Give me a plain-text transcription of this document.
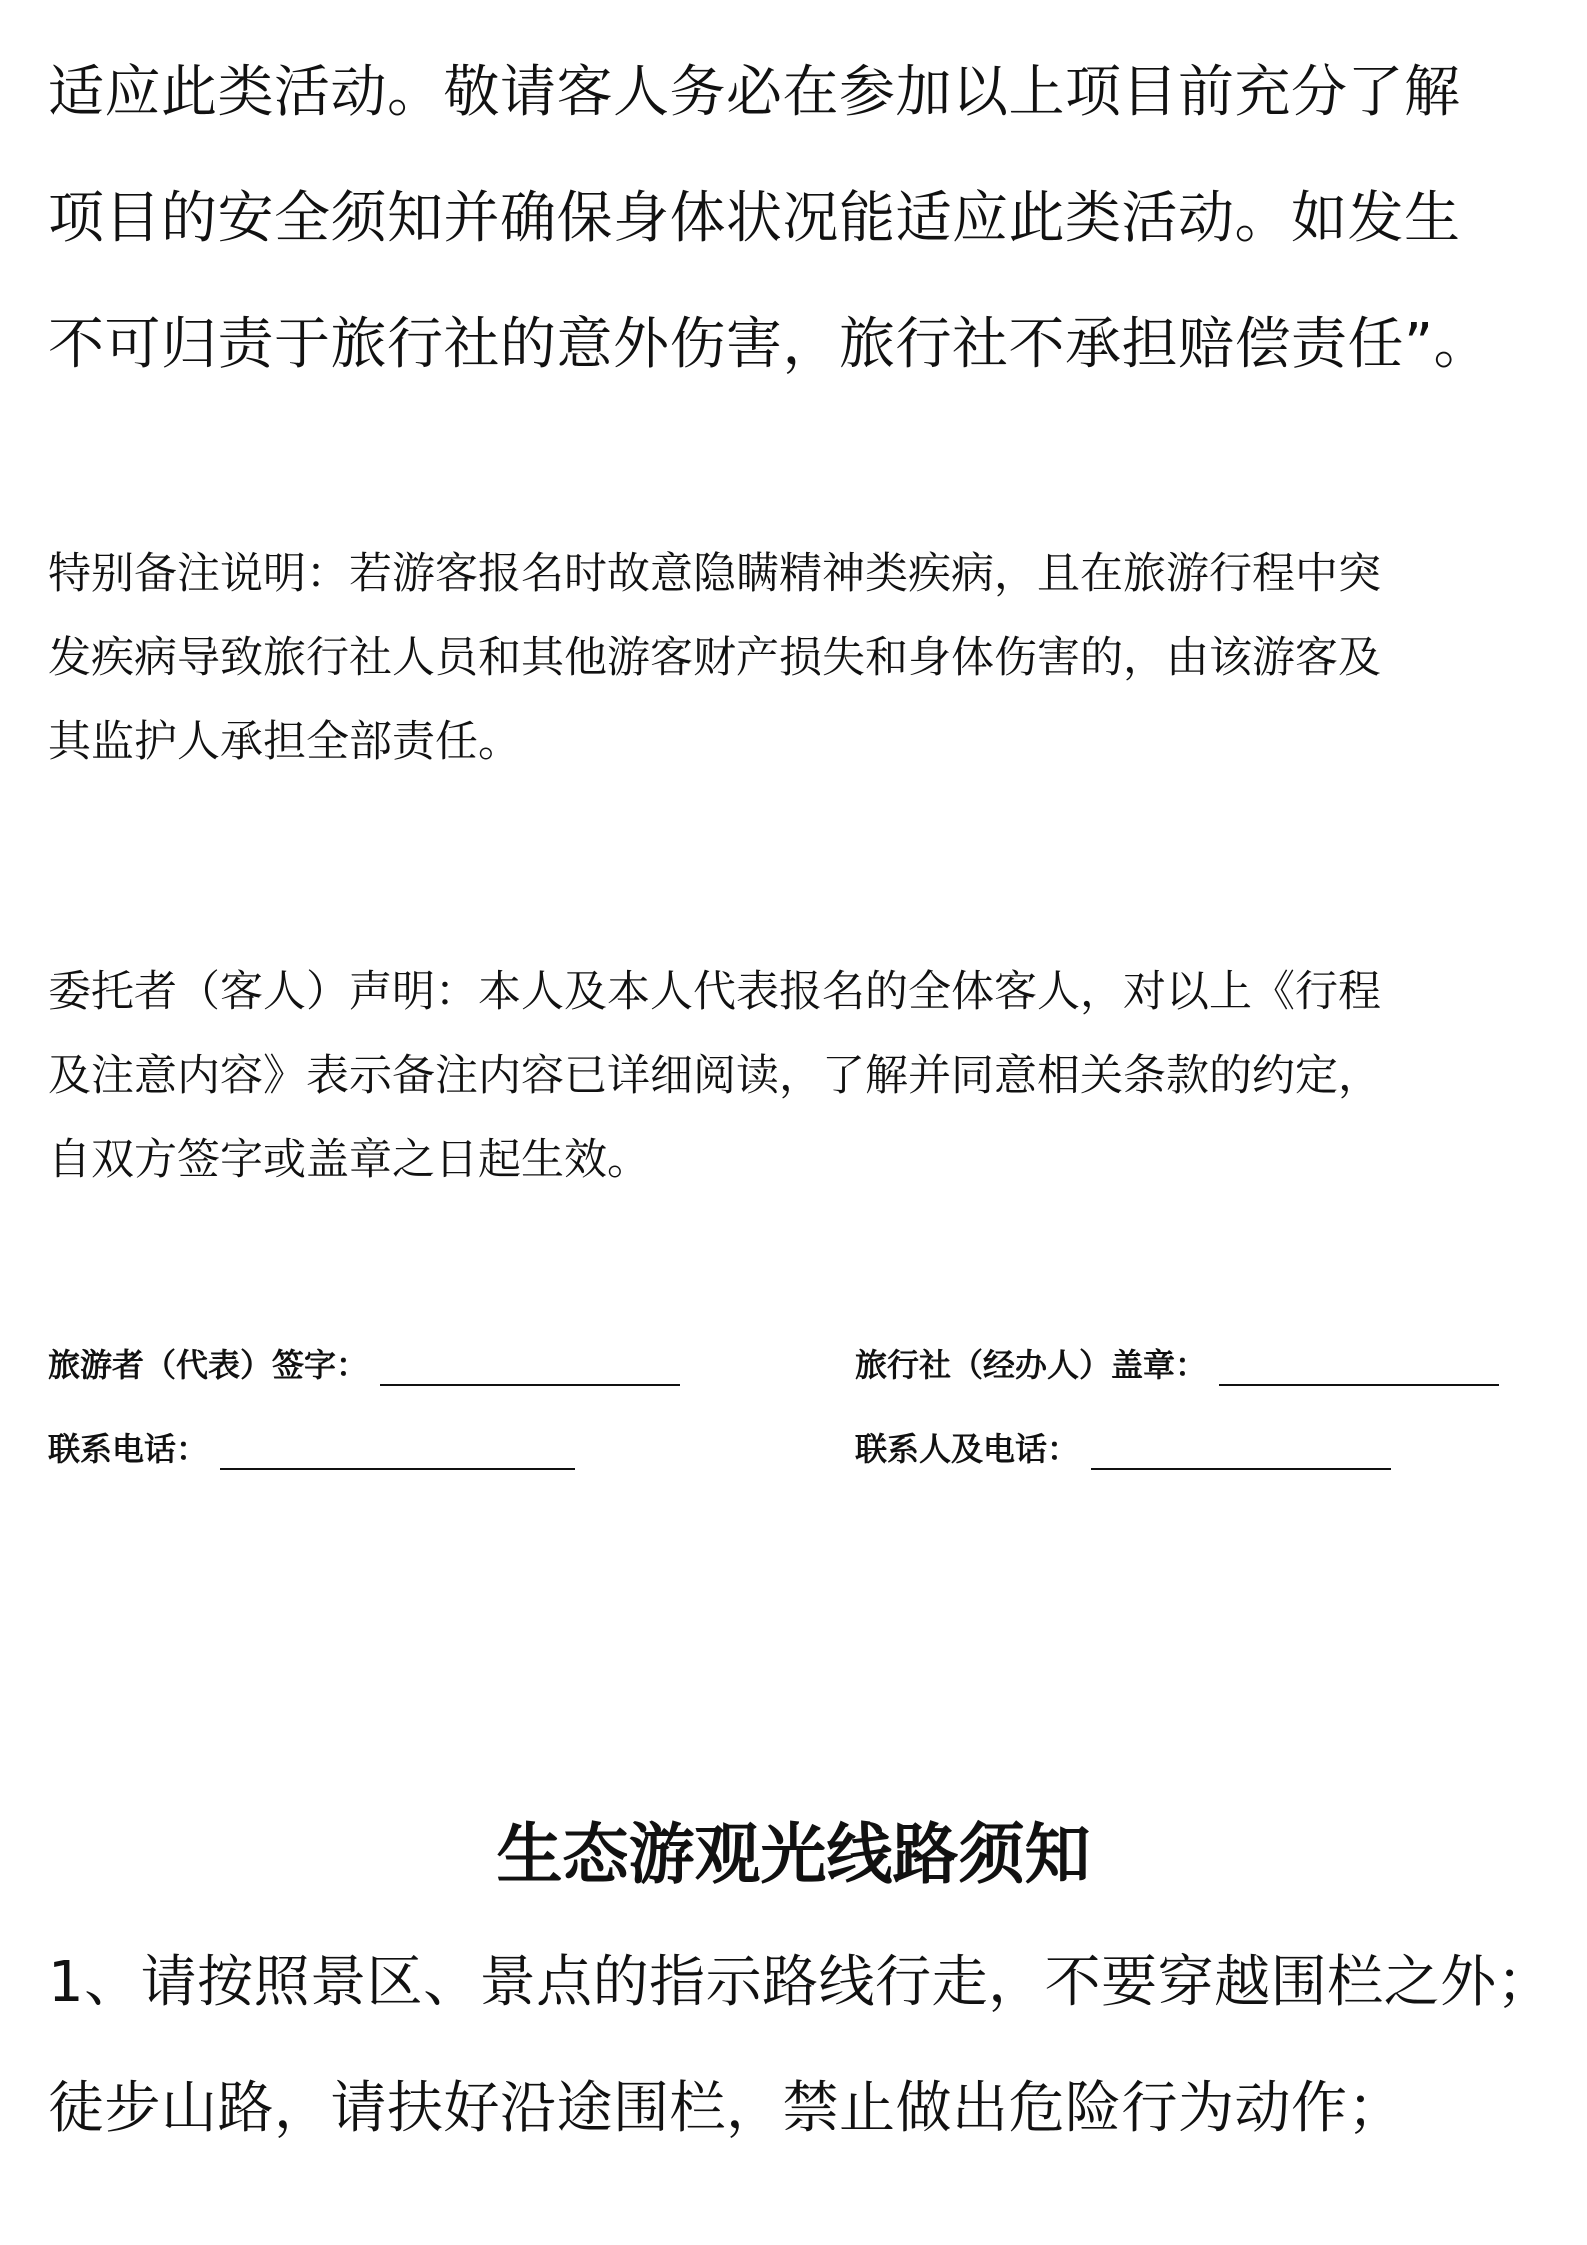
适应此类活动。敬请客人务必在参加以上项目前充分了解
项目的安全须知并确保身体状况能适应此类活动。如发生
不可归责于旅行社的意外伤害，旅行社不承担赔偿责任”。
特别备注说明：若游客报名时故意隐瞒精神类疾病，且在旅游行程中突
发疾病导致旅行社人员和其他游客财产损失和身体伤害的，由该游客及
其监护人承担全部责任。
委托者（客人）声明：本人及本人代表报名的全体客人，对以上《行程
及注意内容》表示备注内容已详细阅读，了解并同意相关条款的约定，
自双方签字或盖章之日起生效。
旅游者（代表）签字：	旅行社（经办人）盖章：
联系电话：	联系人及电话：
生态游观光线路须知
1、请按照景区、景点的指示路线行走，不要穿越围栏之外；
徒步山路，请扶好沿途围栏，禁止做出危险行为动作；
